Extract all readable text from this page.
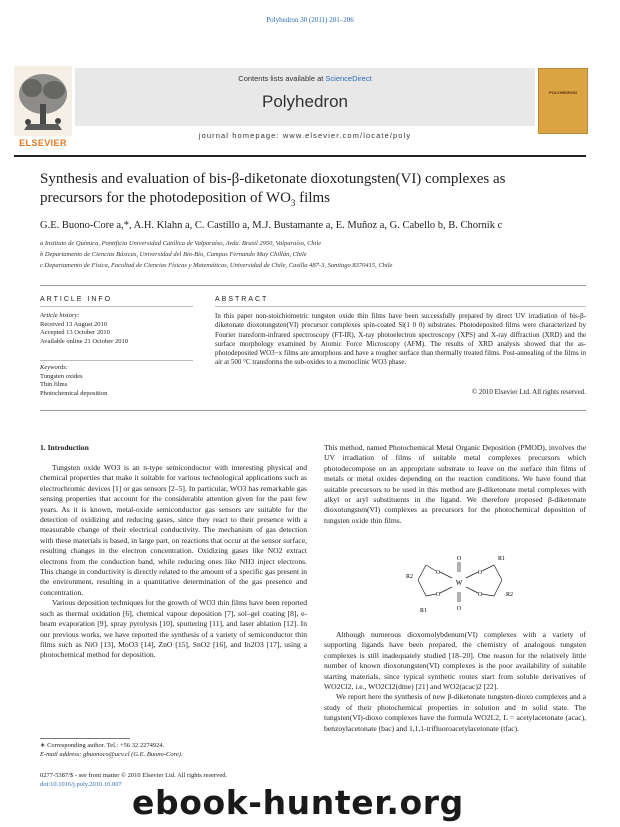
Polyhedron 30 (2011) 201–206
ELSEVIER
Contents lists available at ScienceDirect
Polyhedron
journal homepage: www.elsevier.com/locate/poly
POLYHEDRON
Synthesis and evaluation of bis-β-diketonate dioxotungsten(VI) complexes as
precursors for the photodeposition of $WO_3$ films
G.E. Buono-Core a,*, A.H. Klahn a, C. Castillo a, M.J. Bustamante a, E. Muñoz a, G. Cabello b, B. Chornik c
a Instituto de Química, Pontificia Universidad Católica de Valparaíso, Avda. Brasil 2950, Valparaíso, Chile
b Departamento de Ciencias Básicas, Universidad del Bío-Bío, Campus Fernando May Chillán, Chile
c Departamento de Física, Facultad de Ciencias Físicas y Matemáticas, Universidad de Chile, Casilla 487-3, Santiago 8370415, Chile
ARTICLE INFO
Article history:
Received 13 August 2010
Accepted 13 October 2010
Available online 21 October 2010
Keywords:
Tungsten oxides
Thin films
Photochemical deposition
ABSTRACT
In this paper non-stoichiometric tungsten oxide thin films have been successfully prepared by direct UV irradiation of bis-β-diketonate dioxotungsten(VI) precursor complexes spin-coated Si(1 0 0) substrates. Photodeposited films were characterized by Fourier transform-infrared spectroscopy (FT-IR), X-ray photoelectron spectroscopy (XPS) and X-ray diffraction (XRD) and the surface morphology examined by Atomic Force Microscopy (AFM). The results of XRD analysis showed that the as-photodeposited WO3−x films are amorphous and have a rougher surface than thermally treated films. Post-annealing of the films in air at 500 °C transforms the sub-oxides to a monoclinic WO3 phase.
© 2010 Elsevier Ltd. All rights reserved.
1. Introduction

Tungsten oxide WO3 is an n-type semiconductor with interesting physical and chemical properties that make it suitable for various technological applications such as electrochromic devices [1] or gas sensors [2–5]. In particular, WO3 has remarkable gas sensing properties that account for the considerable attention given for the past few years. As it is known, metal-oxide semiconductor gas sensors are suitable for the detection of oxidizing and reducing gases, since they react to their presence with a measurable change of their electrical conductivity. The mechanism of gas detection with these materials is based, in large part, on reactions that occur at the sensor surface, resulting changes in the electron concentration. Oxidizing gases like NO2 extract electrons from the conduction band, while reducing ones like NH3 inject electrons. This change in conductivity is directly related to the amount of a specific gas present in the environment, resulting in a quantitative determination of the gas presence and concentration.

Various deposition techniques for the growth of WO3 thin films have been reported such as thermal oxidation [6], chemical vapour deposition [7], sol–gel coating [8], e-beam evaporation [9], spray pyrolysis [10], sputtering [11], and laser ablation [12]. In our previous works, we have reported the synthesis of a variety of semiconductor thin films such as NiO [13], MoO3 [14], ZnO [15], SnO2 [16], and In2O3 [17], using a photochemical method for deposition.

This method, named Photochemical Metal Organic Deposition (PMOD), involves the UV irradiation of films of suitable metal complexes precursors which photodecompose on an appropriate substrate to leave on the surface thin films of metals or metal oxides depending on the reaction conditions. We have found that suitable precursors to be used in this method are β-diketonate metal complexes with alkyl or aryl substituents in the ligand. We therefore proposed β-diketonate dioxotungsten(VI) complexes as precursors for the photochemical deposition of tungsten oxide thin films.

O
O
W
O
O
O
O
R2
R1
R1
R2

Although numerous dioxomolybdenum(VI) complexes with a variety of supporting ligands have been prepared, the chemistry of analogous tungsten complexes is still inadequately studied [18–20]. One reason for the relatively little number of known dioxotungsten(VI) complexes is the poor availability of suitable starting materials, since typical synthetic routes start from soluble derivatives of WO2Cl2, i.e., WO2Cl2(dme) [21] and WO2(acac)2 [22].

We report here the synthesis of new β-diketonate tungsten-dioxo complexes and a study of their photochemical properties in solution and in solid state. The tungsten(VI)-dioxo complexes have the formula WO2L2, L = acetylacetonate (acac), benzoylacetonate (bac) and 1,1,1-trifluoroacetylacetonate (tfac).

∗ Corresponding author. Tel.: +56 32 2274924.
E-mail address: gbuonoco@ucv.cl (G.E. Buono-Core).
0277-5387/$ - see front matter © 2010 Elsevier Ltd. All rights reserved.
doi:10.1016/j.poly.2010.10.007 ebook-hunter.org
